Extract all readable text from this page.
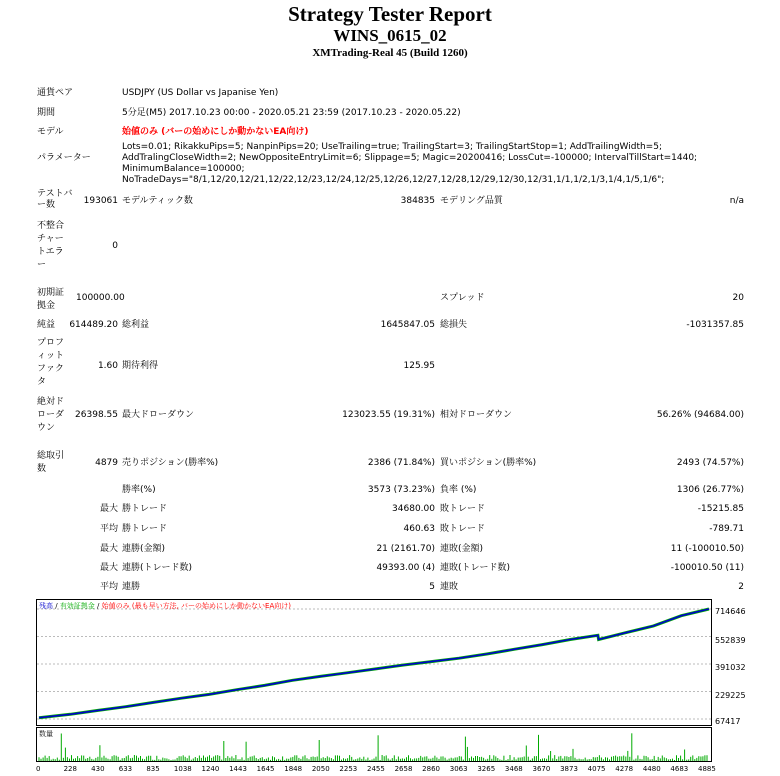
Strategy Tester Report
WINS_0615_02
XMTrading-Real 45 (Build 1260)
通貨ペア	USDJPY (US Dollar vs Japanise Yen)
期間	5分足(M5) 2017.10.23 00:00 - 2020.05.21 23:59 (2017.10.23 - 2020.05.22)
モデル	始値のみ (バーの始めにしか動かないEA向け)
パラメーター
Lots=0.01; RikakkuPips=5; NanpinPips=20; UseTrailing=true; TrailingStart=3; TrailingStartStop=1; AddTrailingWidth=5; AddTralingCloseWidth=2; NewOppositeEntryLimit=6; Slippage=5; Magic=20200416; LossCut=-100000; IntervalTillStart=1440; MinimumBalance=100000; NoTradeDays="8/1,12/20,12/21,12/22,12/23,12/24,12/25,12/26,12/27,12/28,12/29,12/30,12/31,1/1,1/2,1/3,1/4,1/5,1/6";
テストバー数	193061 モデルティック数	384835 モデリング品質	n/a
不整合チャートエラー
0
初期証拠金
100000.00	スプレッド	20
純益	614489.20 総利益	1645847.05 総損失	-1031357.85
プロフィットファクタ
1.60 期待利得	125.95
絶対ドローダウン
26398.55 最大ドローダウン	123023.55 (19.31%) 相対ドローダウン	56.26% (94684.00)
総取引数
4879 売りポジション(勝率%)	2386 (71.84%) 買いポジション(勝率%)	2493 (74.57%)
勝率(%)	3573 (73.23%) 負率 (%)	1306 (26.77%)
最大 勝トレード	34680.00 敗トレード	-15215.85
平均 勝トレード	460.63 敗トレード	-789.71
最大 連勝(金額)	21 (2161.70) 連敗(金額)	11 (-100010.50)
最大 連勝(トレード数)	49393.00 (4) 連敗(トレード数)	-100010.50 (11)
平均 連勝	5 連敗	2
残高 / 有効証拠金 / 始値のみ (最も早い方法, バーの始めにしか動かないEA向け)
714646
552839
391032
229225
67417
数量
0	228 430 633 835 1038 1240 1443 1645 1848 2050 2253 2455 2658 2860 3063 3265 3468 3670 3873 4075 4278 4480 4683 4885
